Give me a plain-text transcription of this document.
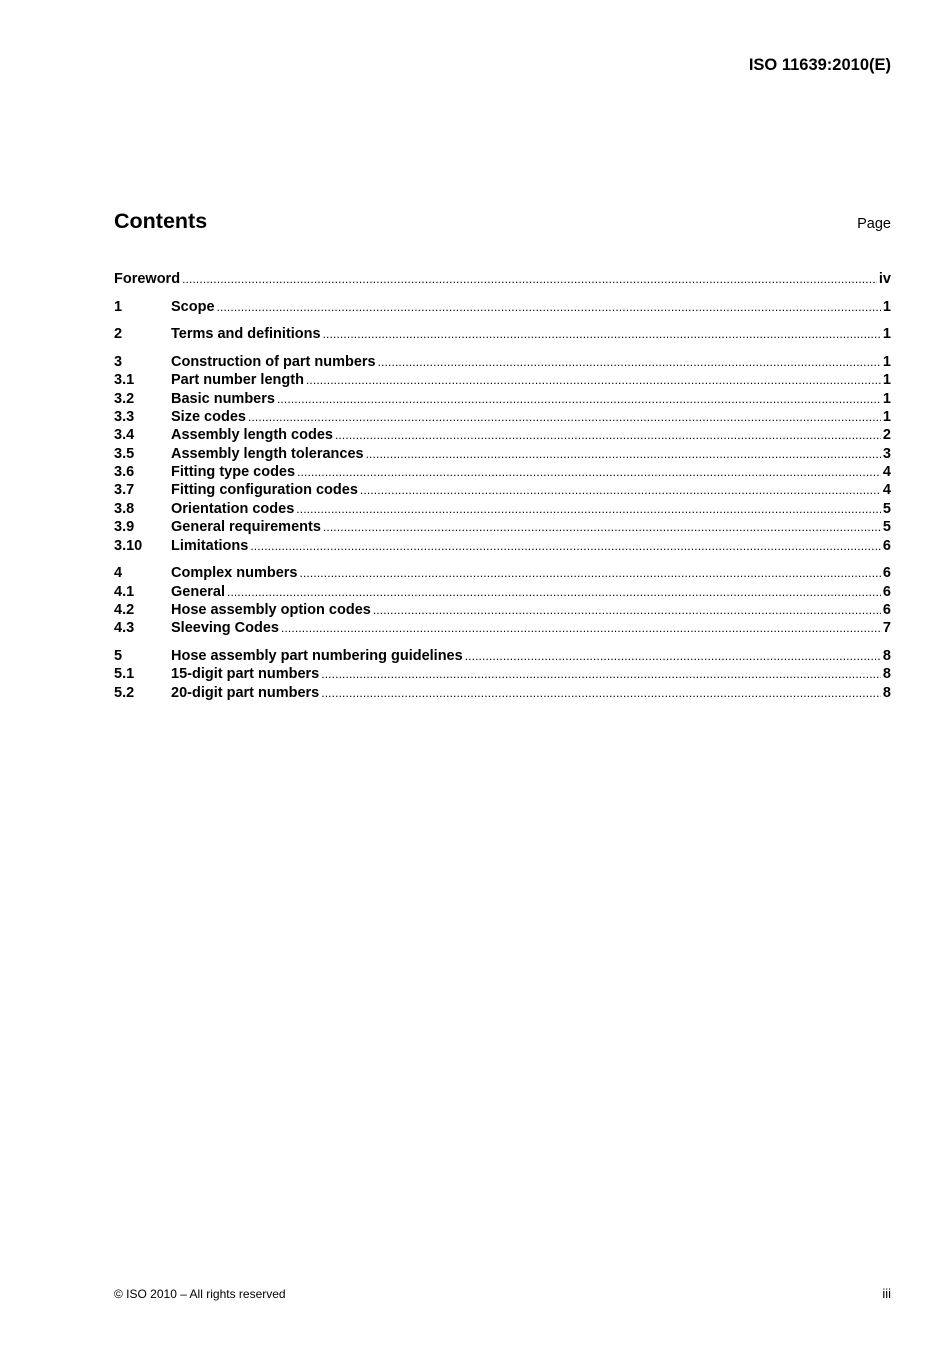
ISO 11639:2010(E)
Contents	Page
Foreword . . .	iv
1	Scope . . .	1
2	Terms and definitions . . .	1
3	Construction of part numbers . . .	1
3.1	Part number length . . .	1
3.2	Basic numbers . . .	1
3.3	Size codes . . .	1
3.4	Assembly length codes . . .	2
3.5	Assembly length tolerances . . .	3
3.6	Fitting type codes . . .	4
3.7	Fitting configuration codes . . .	4
3.8	Orientation codes . . .	5
3.9	General requirements . . .	5
3.10	Limitations . . .	6
4	Complex numbers . . .	6
4.1	General . . .	6
4.2	Hose assembly option codes . . .	6
4.3	Sleeving Codes . . .	7
5	Hose assembly part numbering guidelines . . .	8
5.1	15-digit part numbers . . .	8
5.2	20-digit part numbers . . .	8
© ISO 2010 – All rights reserved	iii
